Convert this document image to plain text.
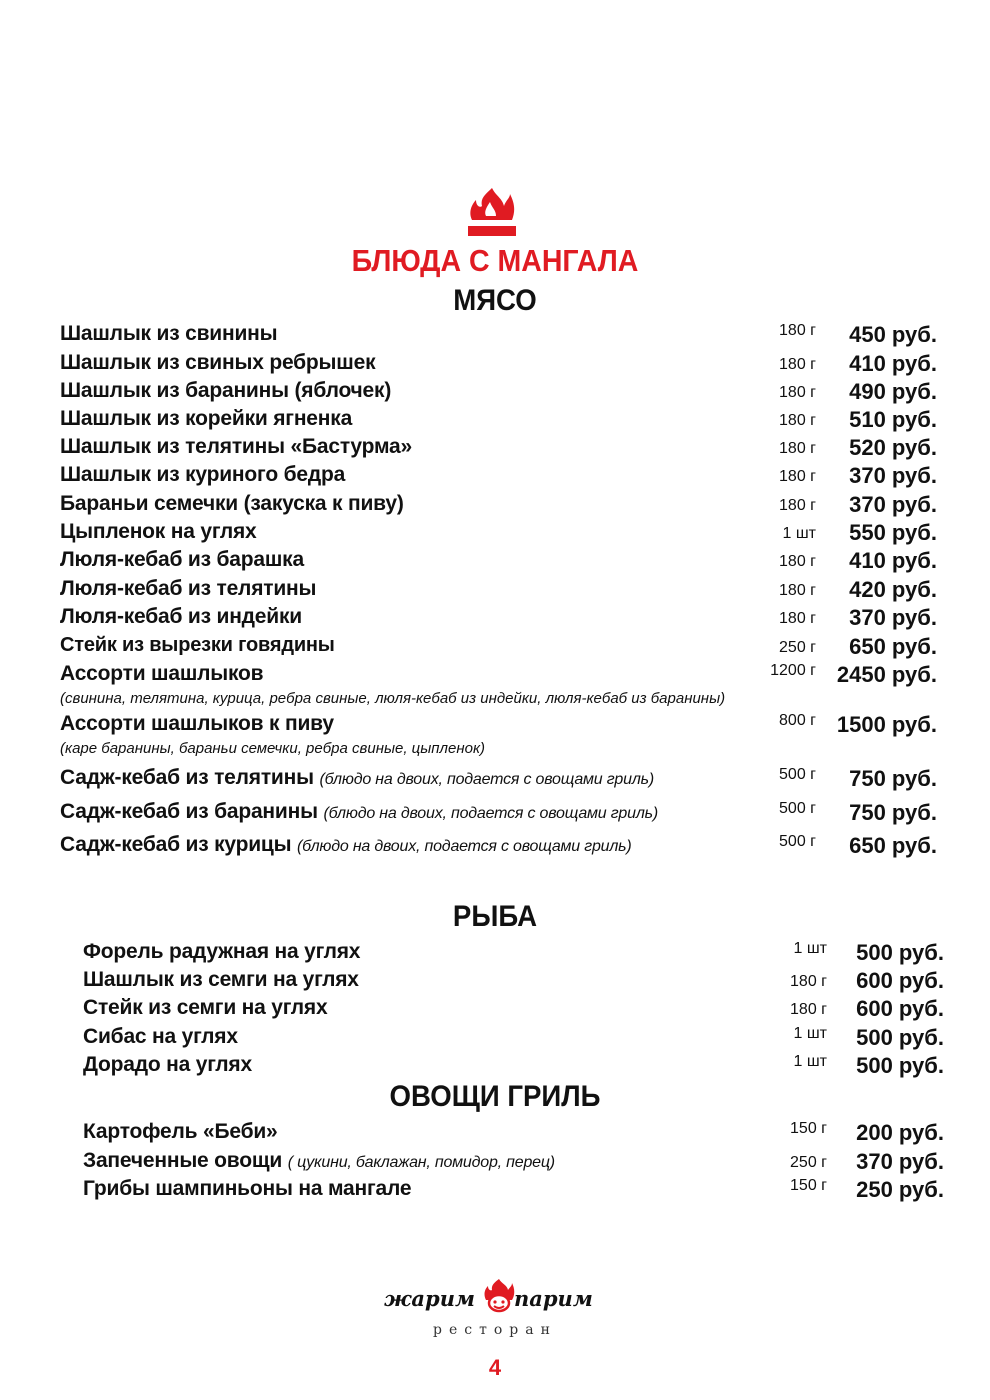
БЛЮДА С МАНГАЛА
МЯСО
Шашлык из свинины	180 г	450 руб.
Шашлык из свиных ребрышек	180 г	410 руб.
Шашлык из баранины (яблочек)	180 г	490 руб.
Шашлык из корейки ягненка	180 г	510 руб.
Шашлык из телятины «Бастурма»	180 г	520 руб.
Шашлык из куриного бедра	180 г	370 руб.
Бараньи семечки (закуска к пиву)	180 г	370 руб.
Цыпленок на углях	1 шт	550 руб.
Люля-кебаб из барашка	180 г	410 руб.
Люля-кебаб из телятины	180 г	420 руб.
Люля-кебаб из индейки	180 г	370 руб.
Стейк из вырезки говядины	250 г	650 руб.
Ассорти шашлыков	1200 г 2450 руб.
(свинина, телятина, курица, ребра свиные, люля-кебаб из индейки, люля-кебаб из баранины)
Ассорти шашлыков к пиву	800 г 1500 руб.
(каре баранины, бараньи семечки, ребра свиные, цыпленок)
Садж-кебаб из телятины (блюдо на двоих, подается с овощами гриль)	500 г	750 руб.
Садж-кебаб из баранины (блюдо на двоих, подается с овощами гриль)	500 г	750 руб.
Садж-кебаб из курицы (блюдо на двоих, подается с овощами гриль)	500 г	650 руб.
РЫБА
Форель радужная на углях	1 шт	500 руб.
Шашлык из семги на углях	180 г	600 руб.
Стейк из семги на углях	180 г	600 руб.
Сибас на углях	1 шт	500 руб.
Дорадо на углях	1 шт	500 руб.
ОВОЩИ ГРИЛЬ
Картофель «Беби»	150 г	200 руб.
Запеченные овощи ( цукини, баклажан, помидор, перец)	250 г	370 руб.
Грибы шампиньоны на мангале	150 г	250 руб.
жарим парим
ресторан
4
